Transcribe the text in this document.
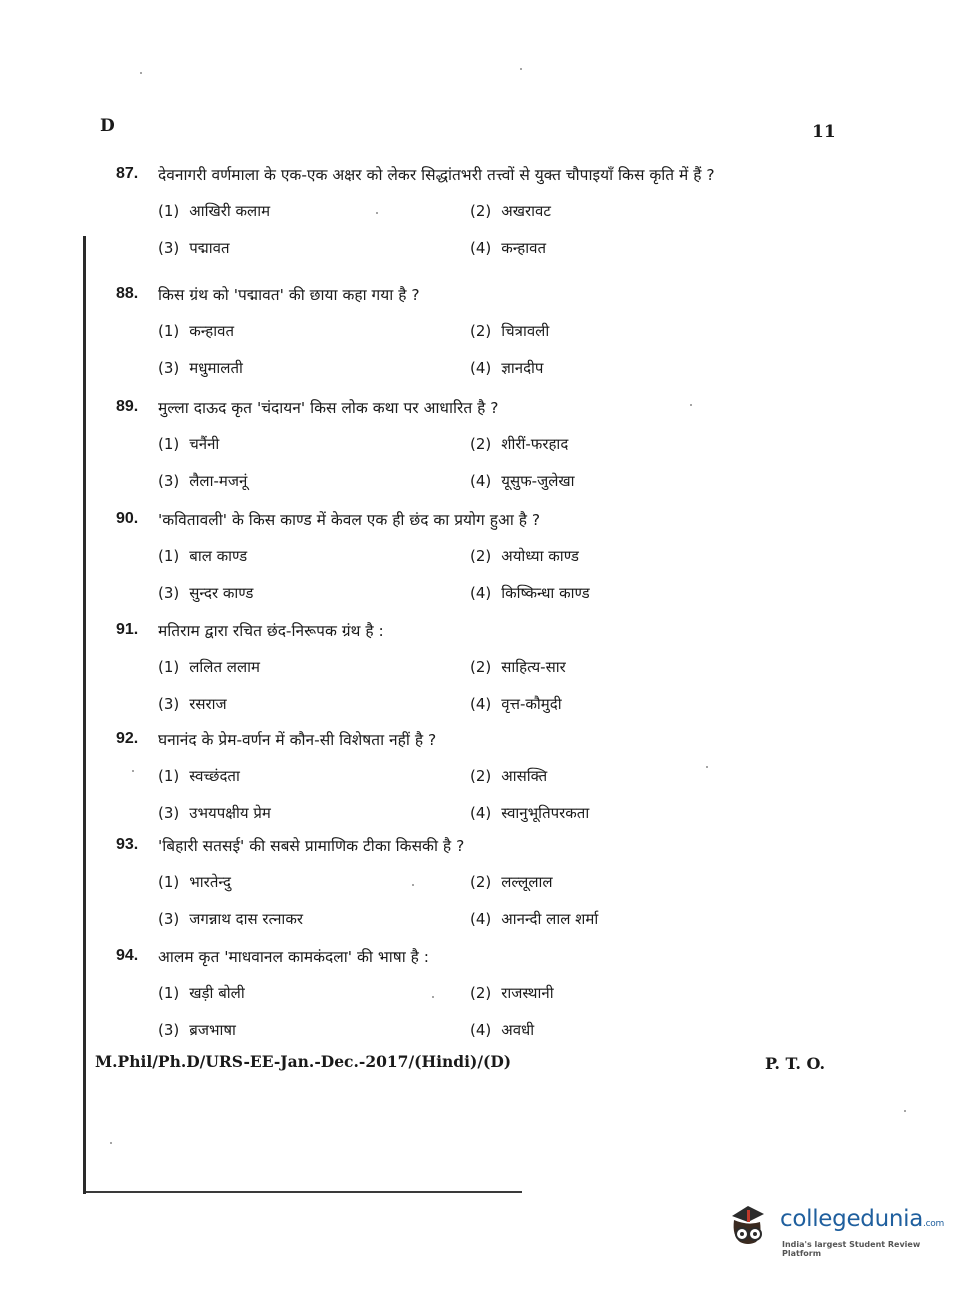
D	11
87. देवनागरी वर्णमाला के एक-एक अक्षर को लेकर सिद्धांतभरी तत्त्वों से युक्त चौपाइयाँ किस कृति में हैं ?
(1) आखिरी कलाम	(2) अखरावट
(3) पद्मावत	(4) कन्हावत
88. किस ग्रंथ को 'पद्मावत' की छाया कहा गया है ?
(1) कन्हावत	(2) चित्रावली
(3) मधुमालती	(4) ज्ञानदीप
89. मुल्ला दाऊद कृत 'चंदायन' किस लोक कथा पर आधारित है ?
(1) चनैंनी	(2) शीरीं-फरहाद
(3) लैला-मजनूं	(4) यूसुफ-जुलेखा
90. 'कवितावली' के किस काण्ड में केवल एक ही छंद का प्रयोग हुआ है ?
(1) बाल काण्ड	(2) अयोध्या काण्ड
(3) सुन्दर काण्ड	(4) किष्किन्धा काण्ड
91. मतिराम द्वारा रचित छंद-निरूपक ग्रंथ है :
(1) ललित ललाम	(2) साहित्य-सार
(3) रसराज	(4) वृत्त-कौमुदी
92. घनानंद के प्रेम-वर्णन में कौन-सी विशेषता नहीं है ?
(1) स्वच्छंदता	(2) आसक्ति
(3) उभयपक्षीय प्रेम	(4) स्वानुभूतिपरकता
93. 'बिहारी सतसई' की सबसे प्रामाणिक टीका किसकी है ?
(1) भारतेन्दु	(2) लल्लूलाल
(3) जगन्नाथ दास रत्नाकर	(4) आनन्दी लाल शर्मा
94. आलम कृत 'माधवानल कामकंदला' की भाषा है :
(1) खड़ी बोली	(2) राजस्थानी
(3) ब्रजभाषा	(4) अवधी
M.Phil/Ph.D/URS-EE-Jan.-Dec.-2017/(Hindi)/(D)	P. T. O.
collegedunia.com
India's largest Student Review Platform
